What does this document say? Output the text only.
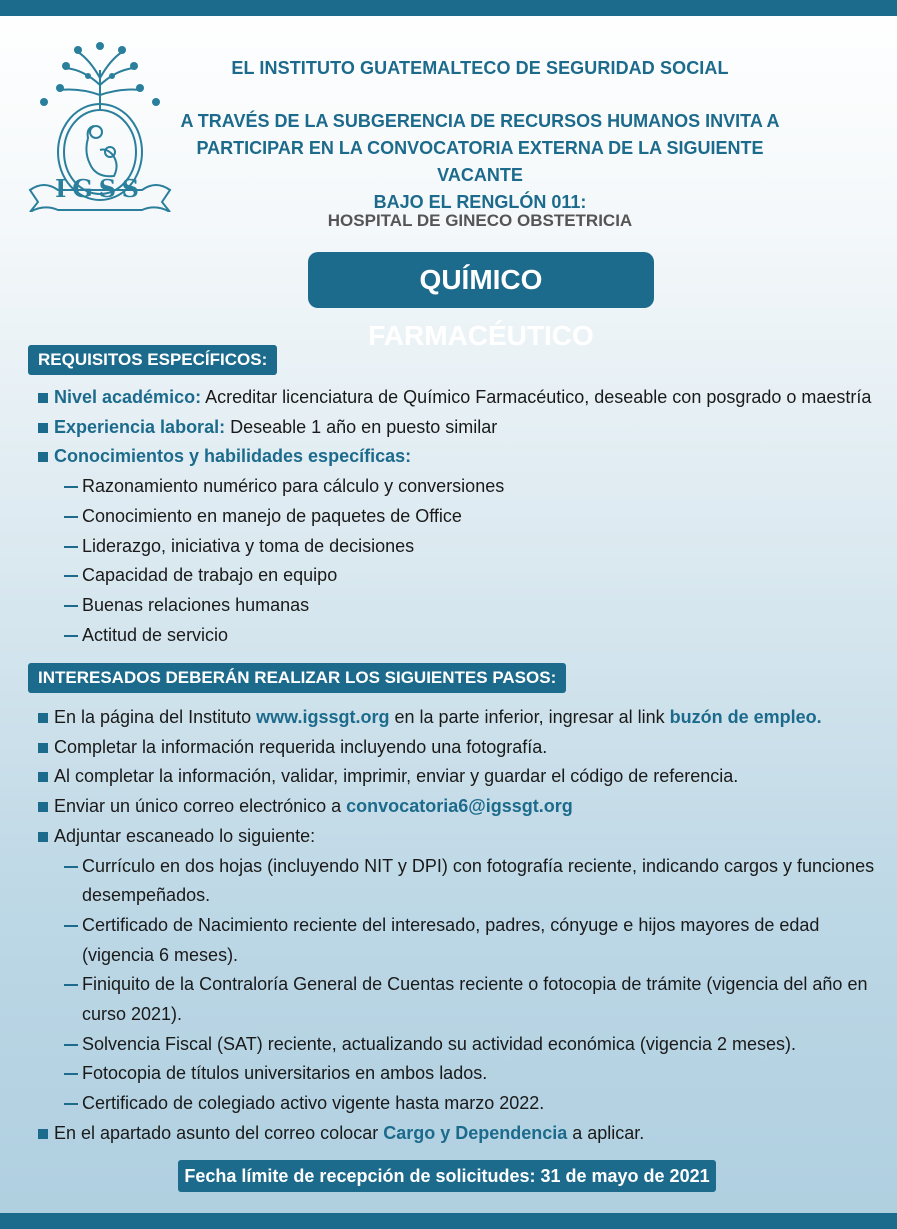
IGSS
EL INSTITUTO GUATEMALTECO DE SEGURIDAD SOCIAL
A TRAVÉS DE LA SUBGERENCIA DE RECURSOS HUMANOS INVITA A
PARTICIPAR EN LA CONVOCATORIA EXTERNA DE LA SIGUIENTE VACANTE
BAJO EL RENGLÓN 011:
HOSPITAL DE GINECO OBSTETRICIA
QUÍMICO FARMACÉUTICO
REQUISITOS ESPECÍFICOS:
Nivel académico: Acreditar licenciatura de Químico Farmacéutico, deseable con posgrado o maestría
Experiencia laboral: Deseable 1 año en puesto similar
Conocimientos y habilidades específicas:
Razonamiento numérico para cálculo y conversiones
Conocimiento en manejo de paquetes de Office
Liderazgo, iniciativa y toma de decisiones
Capacidad de trabajo en equipo
Buenas relaciones humanas
Actitud de servicio
INTERESADOS DEBERÁN REALIZAR LOS SIGUIENTES PASOS:
En la página del Instituto www.igssgt.org en la parte inferior, ingresar al link buzón de empleo.
Completar la información requerida incluyendo una fotografía.
Al completar la información, validar, imprimir, enviar y guardar el código de referencia.
Enviar un único correo electrónico a convocatoria6@igssgt.org
Adjuntar escaneado lo siguiente:
Currículo en dos hojas (incluyendo NIT y DPI) con fotografía reciente, indicando cargos y funciones
desempeñados.
Certificado de Nacimiento reciente del interesado, padres, cónyuge e hijos mayores de edad
(vigencia 6 meses).
Finiquito de la Contraloría General de Cuentas reciente o fotocopia de trámite (vigencia del año en
curso 2021).
Solvencia Fiscal (SAT) reciente, actualizando su actividad económica (vigencia 2 meses).
Fotocopia de títulos universitarios en ambos lados.
Certificado de colegiado activo vigente hasta marzo 2022.
En el apartado asunto del correo colocar Cargo y Dependencia a aplicar.
Fecha límite de recepción de solicitudes: 31 de mayo de 2021
